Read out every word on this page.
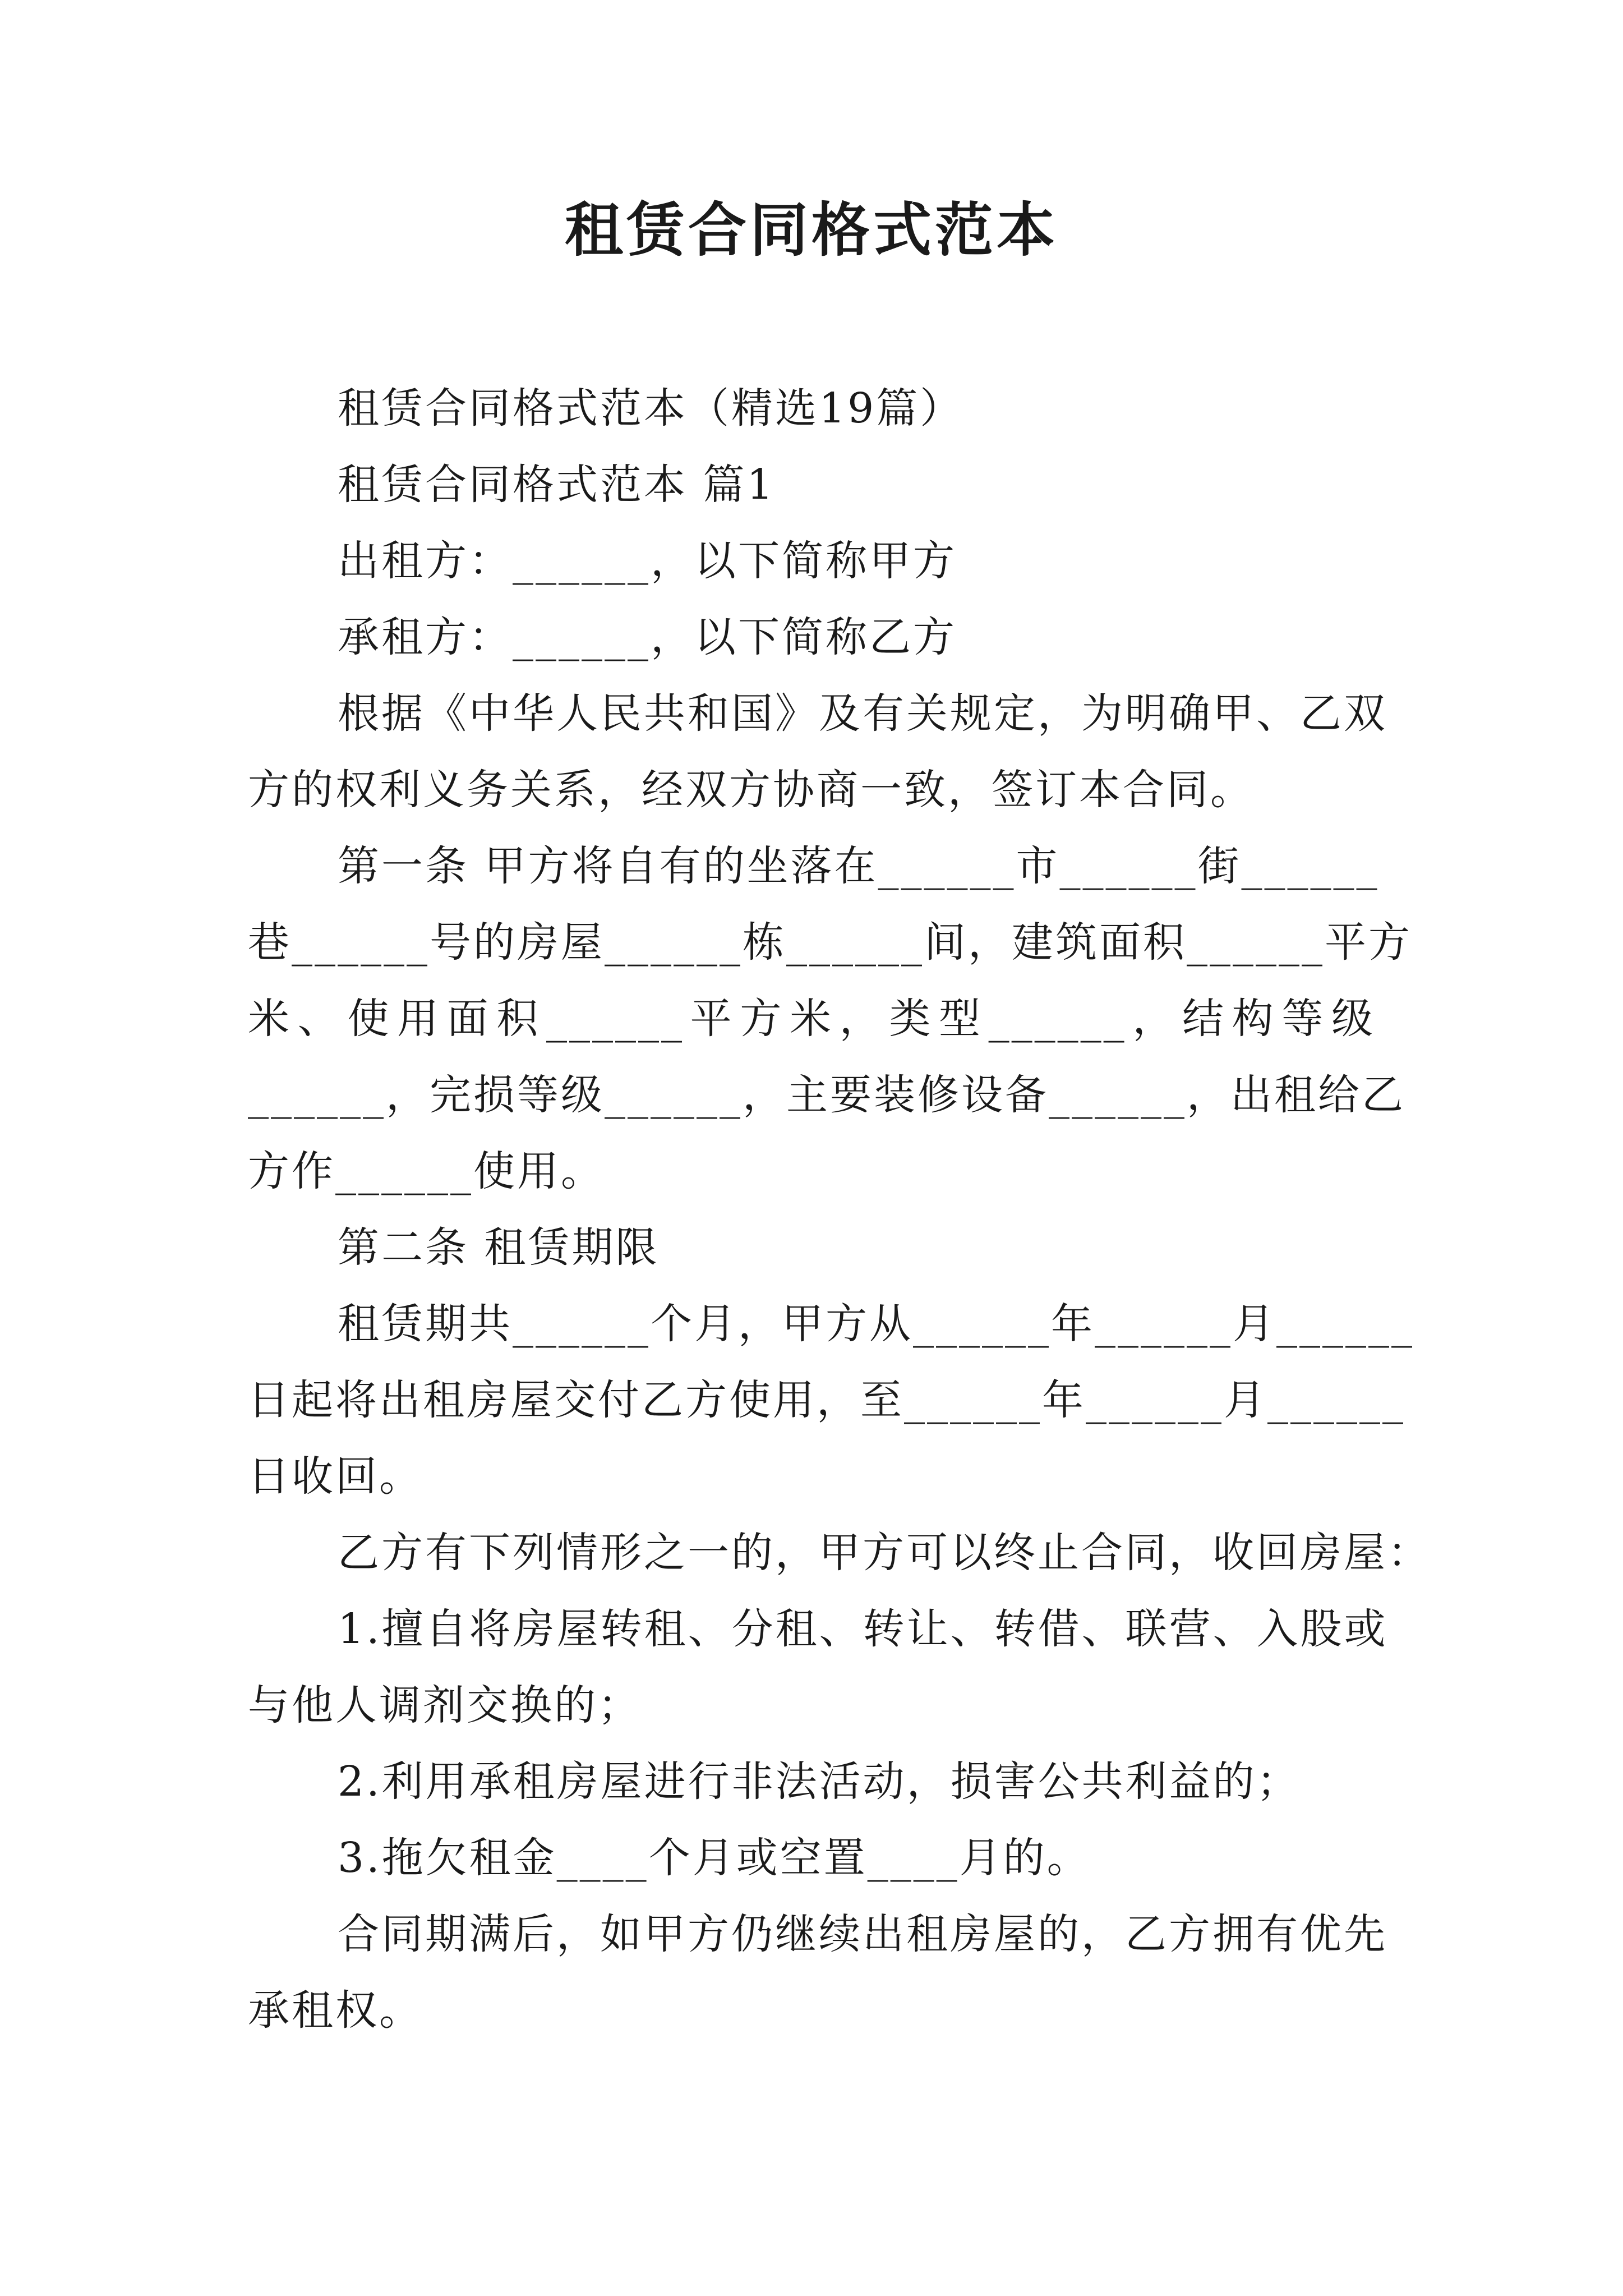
租赁合同格式范本

租赁合同格式范本（精选19篇）

租赁合同格式范本 篇1

出租方：______，以下简称甲方

承租方：______，以下简称乙方

根据《中华人民共和国》及有关规定，为明确甲、乙双

方的权利义务关系，经双方协商一致，签订本合同。

第一条 甲方将自有的坐落在______市______街______

巷______号的房屋______栋______间，建筑面积______平方

米、使用面积______平方米，类型______，结构等级

______，完损等级______，主要装修设备______，出租给乙

方作______使用。

第二条 租赁期限

租赁期共______个月，甲方从______年______月______

日起将出租房屋交付乙方使用，至______年______月______

日收回。

乙方有下列情形之一的，甲方可以终止合同，收回房屋：

1.擅自将房屋转租、分租、转让、转借、联营、入股或

与他人调剂交换的；

2.利用承租房屋进行非法活动，损害公共利益的；

3.拖欠租金____个月或空置____月的。

合同期满后，如甲方仍继续出租房屋的，乙方拥有优先

承租权。
